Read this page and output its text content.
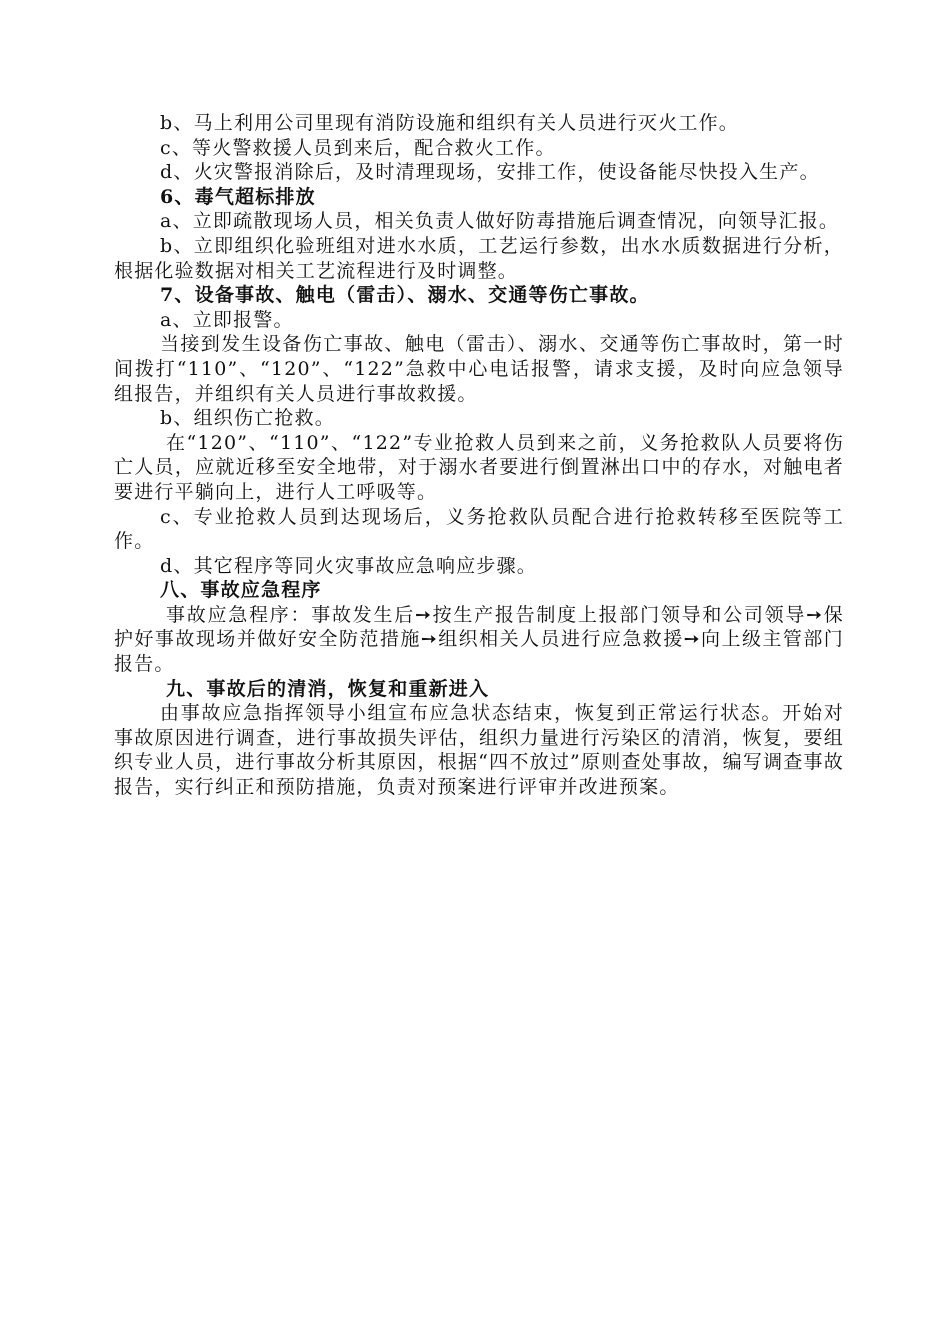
b、马上利用公司里现有消防设施和组织有关人员进行灭火工作。

c、等火警救援人员到来后，配合救火工作。

d、火灾警报消除后，及时清理现场，安排工作，使设备能尽快投入生产。

6、毒气超标排放

a、立即疏散现场人员，相关负责人做好防毒措施后调查情况，向领导汇报。

b、立即组织化验班组对进水水质，工艺运行参数，出水水质数据进行分析，根据化验数据对相关工艺流程进行及时调整。

7、设备事故、触电（雷击）、溺水、交通等伤亡事故。

a、立即报警。

当接到发生设备伤亡事故、触电（雷击）、溺水、交通等伤亡事故时，第一时间拨打“110”、“120”、“122”急救中心电话报警，请求支援，及时向应急领导组报告，并组织有关人员进行事故救援。

b、组织伤亡抢救。

在“120”、“110”、“122”专业抢救人员到来之前，义务抢救队人员要将伤亡人员，应就近移至安全地带，对于溺水者要进行倒置淋出口中的存水，对触电者要进行平躺向上，进行人工呼吸等。

c、专业抢救人员到达现场后，义务抢救队员配合进行抢救转移至医院等工作。

d、其它程序等同火灾事故应急响应步骤。

八、事故应急程序

事故应急程序：事故发生后➙按生产报告制度上报部门领导和公司领导➙保护好事故现场并做好安全防范措施➙组织相关人员进行应急救援➙向上级主管部门报告。

九、事故后的清消，恢复和重新进入

由事故应急指挥领导小组宣布应急状态结束，恢复到正常运行状态。开始对事故原因进行调查，进行事故损失评估，组织力量进行污染区的清消，恢复，要组织专业人员，进行事故分析其原因，根据“四不放过”原则查处事故，编写调查事故报告，实行纠正和预防措施，负责对预案进行评审并改进预案。
